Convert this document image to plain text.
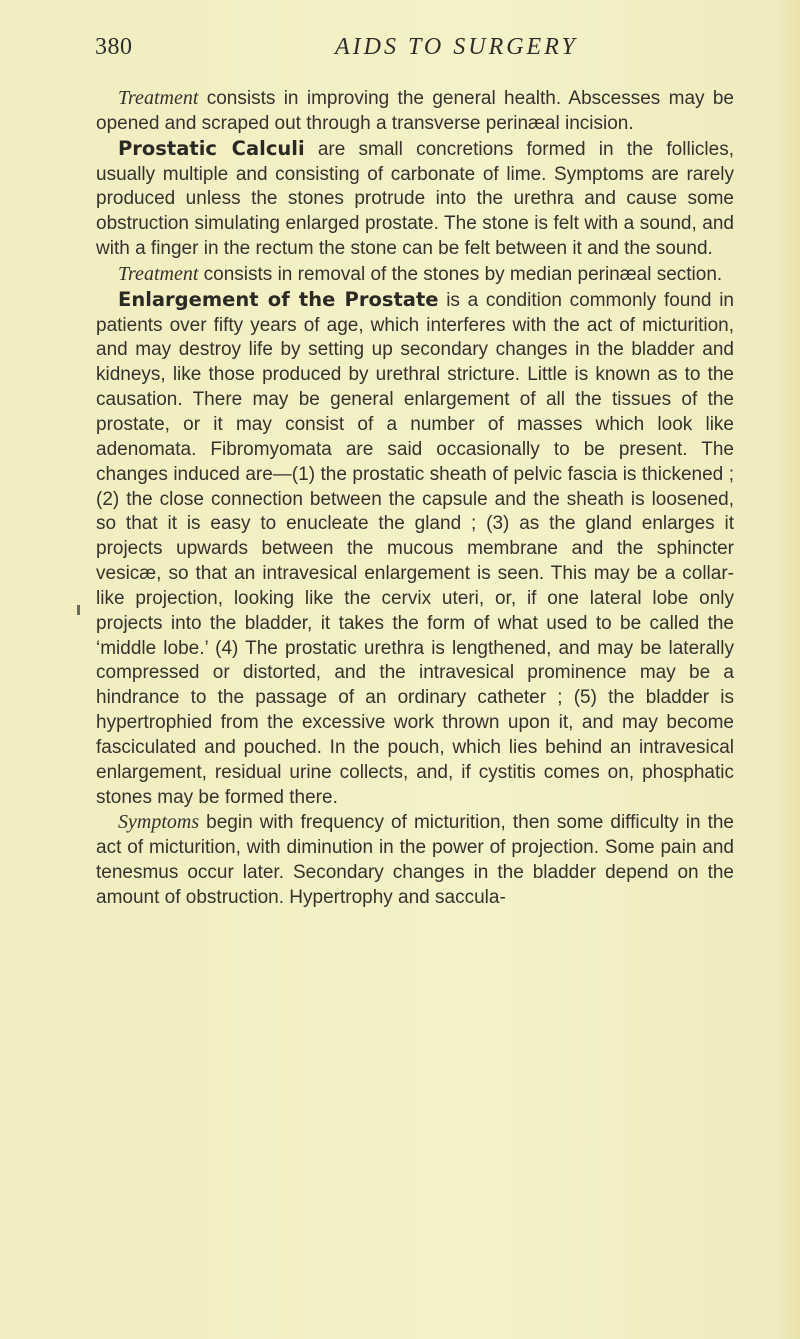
380	AIDS TO SURGERY

Treatment consists in improving the general health. Abscesses may be opened and scraped out through a transverse perinæal incision.

Prostatic Calculi are small concretions formed in the follicles, usually multiple and consisting of carbonate of lime. Symptoms are rarely produced unless the stones protrude into the urethra and cause some obstruction simulating enlarged prostate. The stone is felt with a sound, and with a finger in the rectum the stone can be felt between it and the sound.

Treatment consists in removal of the stones by median perinæal section.

Enlargement of the Prostate is a condition commonly found in patients over fifty years of age, which interferes with the act of micturition, and may destroy life by setting up secondary changes in the bladder and kidneys, like those produced by urethral stricture. Little is known as to the causation. There may be general enlargement of all the tissues of the prostate, or it may consist of a number of masses which look like adenomata. Fibromyomata are said occasionally to be present. The changes induced are—(1) the prostatic sheath of pelvic fascia is thickened ; (2) the close connection between the capsule and the sheath is loosened, so that it is easy to enucleate the gland ; (3) as the gland enlarges it projects upwards between the mucous membrane and the sphincter vesicæ, so that an intravesical enlargement is seen. This may be a collar-like projection, looking like the cervix uteri, or, if one lateral lobe only projects into the bladder, it takes the form of what used to be called the ‘middle lobe.’ (4) The prostatic urethra is lengthened, and may be laterally compressed or distorted, and the intravesical prominence may be a hindrance to the passage of an ordinary catheter ; (5) the bladder is hypertrophied from the excessive work thrown upon it, and may become fasciculated and pouched. In the pouch, which lies behind an intravesical enlargement, residual urine collects, and, if cystitis comes on, phosphatic stones may be formed there.

Symptoms begin with frequency of micturition, then some difficulty in the act of micturition, with diminution in the power of projection. Some pain and tenesmus occur later. Secondary changes in the bladder depend on the amount of obstruction. Hypertrophy and saccula-
